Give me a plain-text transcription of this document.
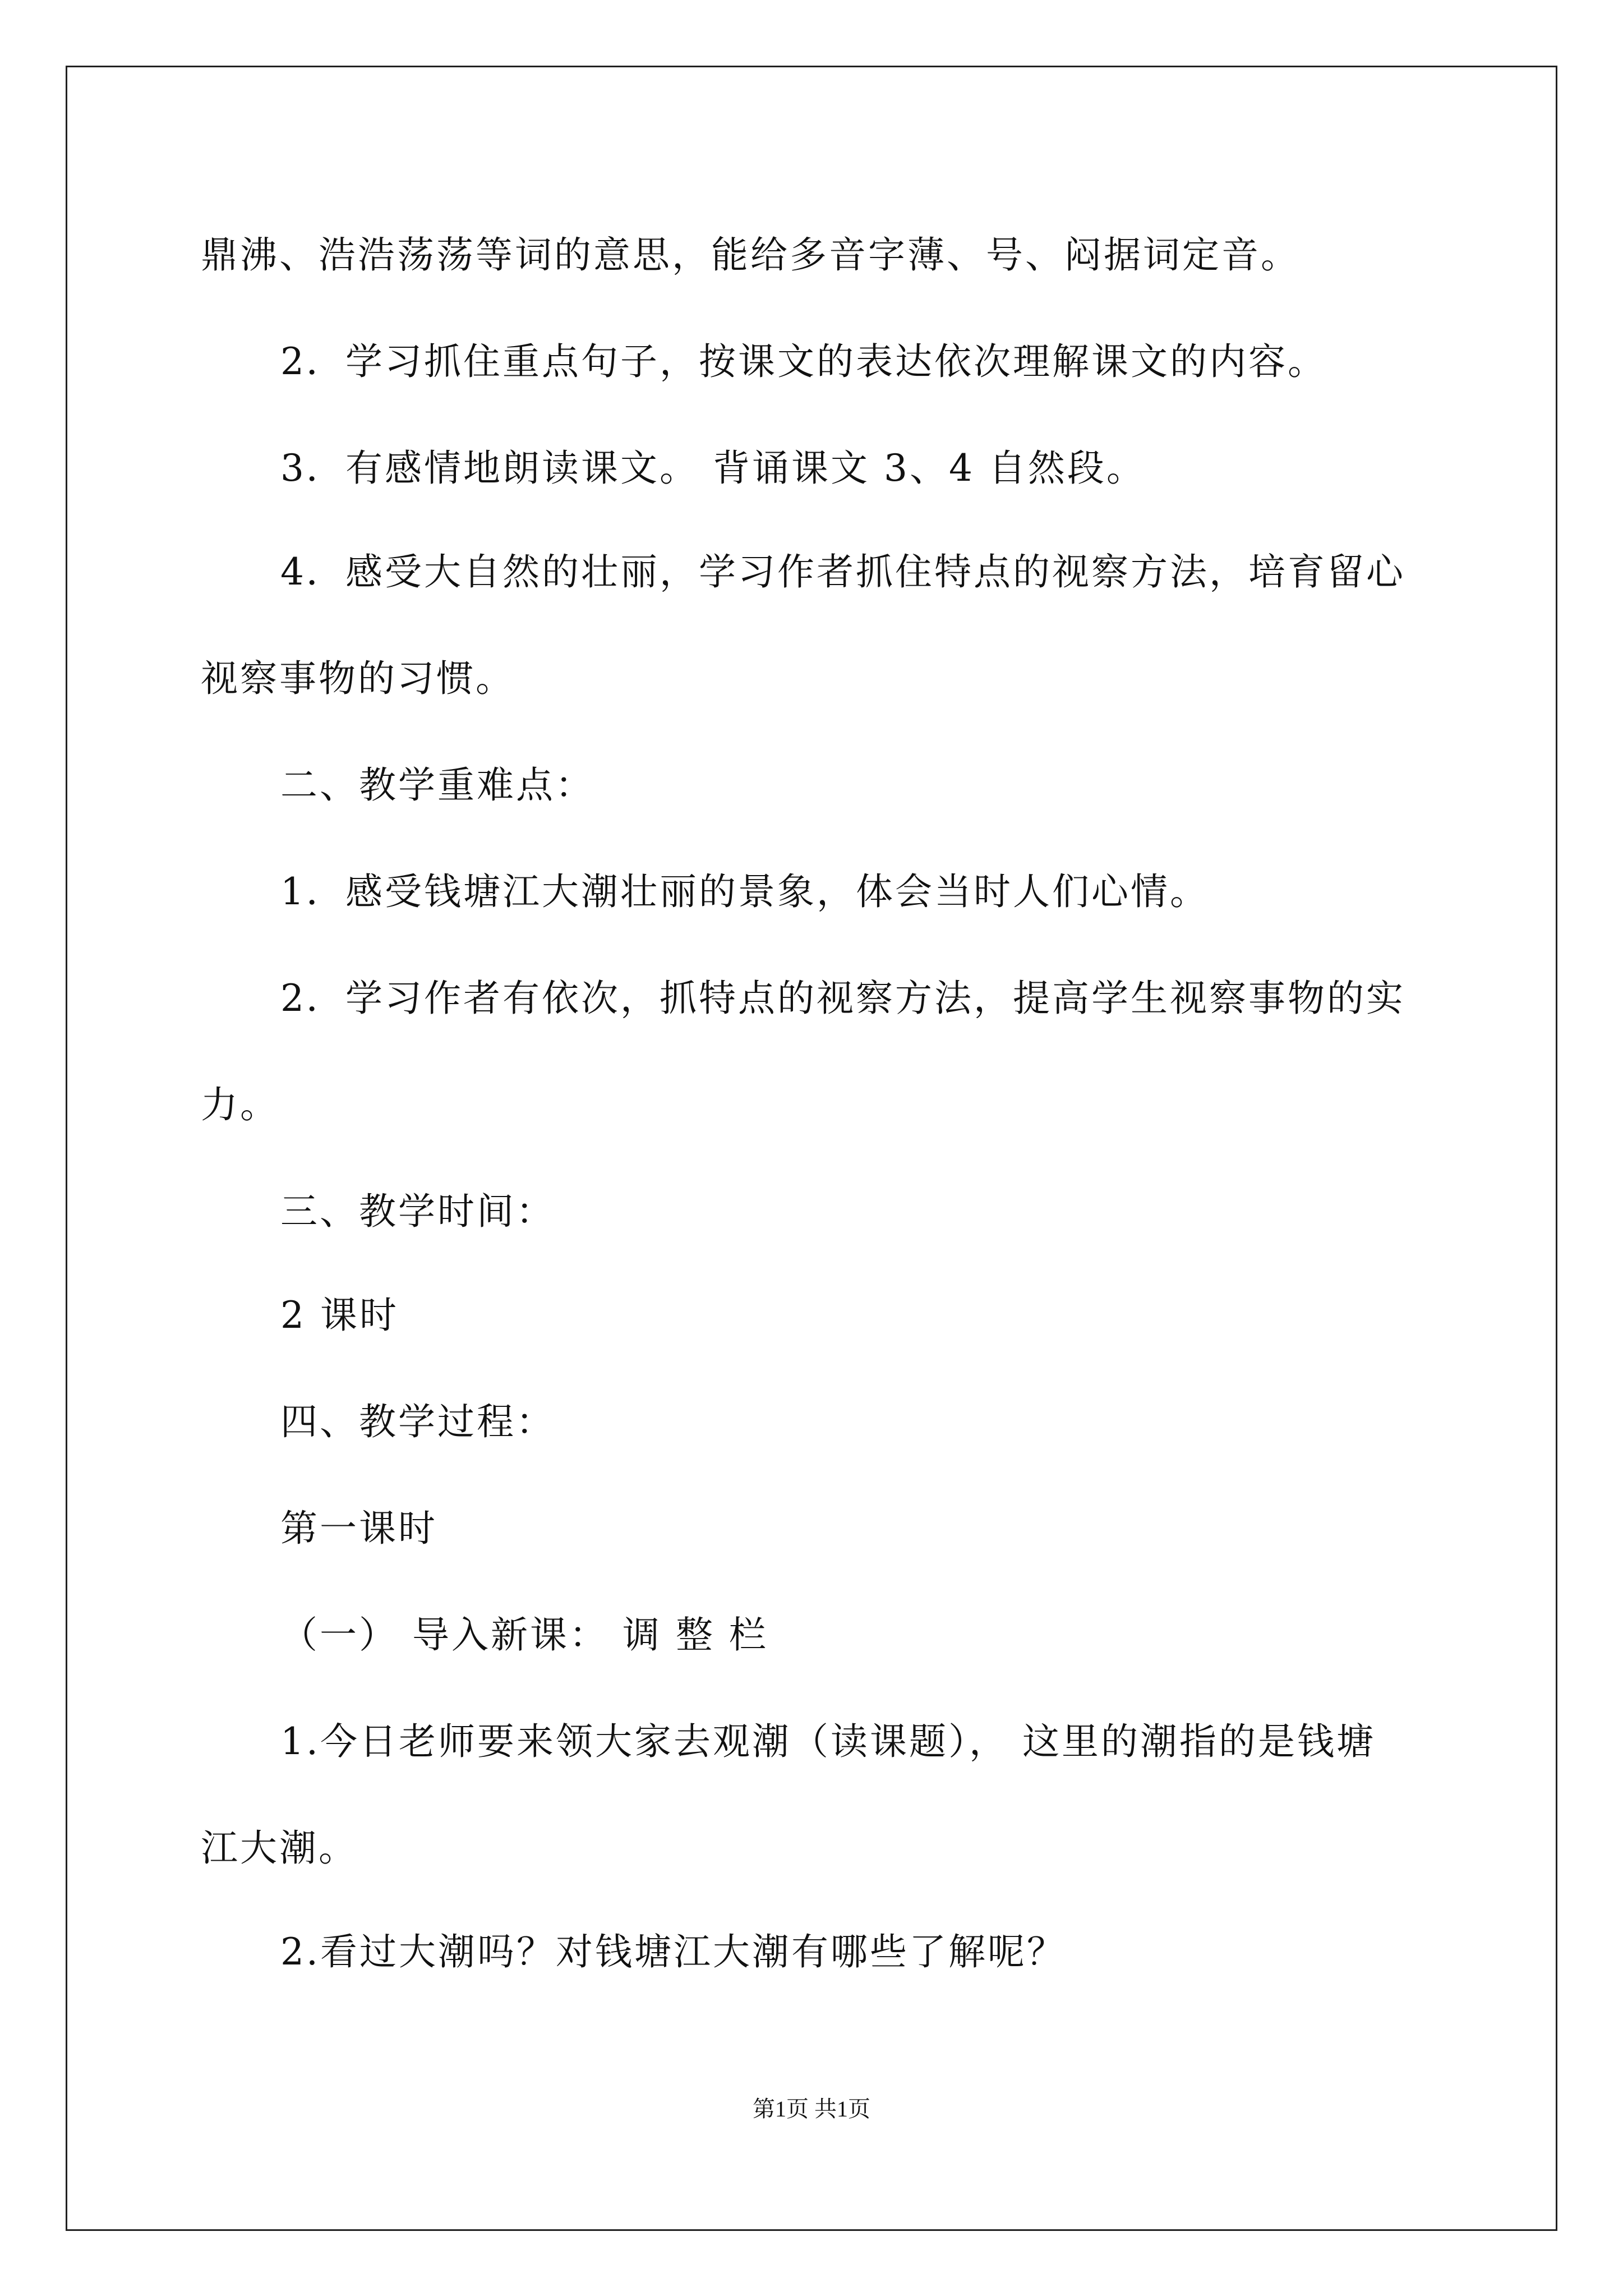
鼎沸、浩浩荡荡等词的意思，能给多音字薄、号、闷据词定音。
2．学习抓住重点句子，按课文的表达依次理解课文的内容。
3．有感情地朗读课文。 背诵课文 3、4 自然段。
4．感受大自然的壮丽，学习作者抓住特点的视察方法，培育留心
视察事物的习惯。
二、教学重难点：
1．感受钱塘江大潮壮丽的景象，体会当时人们心情。
2．学习作者有依次，抓特点的视察方法，提高学生视察事物的实
力。
三、教学时间：
2 课时
四、教学过程：
第一课时
（一） 导入新课： 调 整 栏
1.今日老师要来领大家去观潮（读课题）， 这里的潮指的是钱塘
江大潮。
2.看过大潮吗？对钱塘江大潮有哪些了解呢？
第1页 共1页
